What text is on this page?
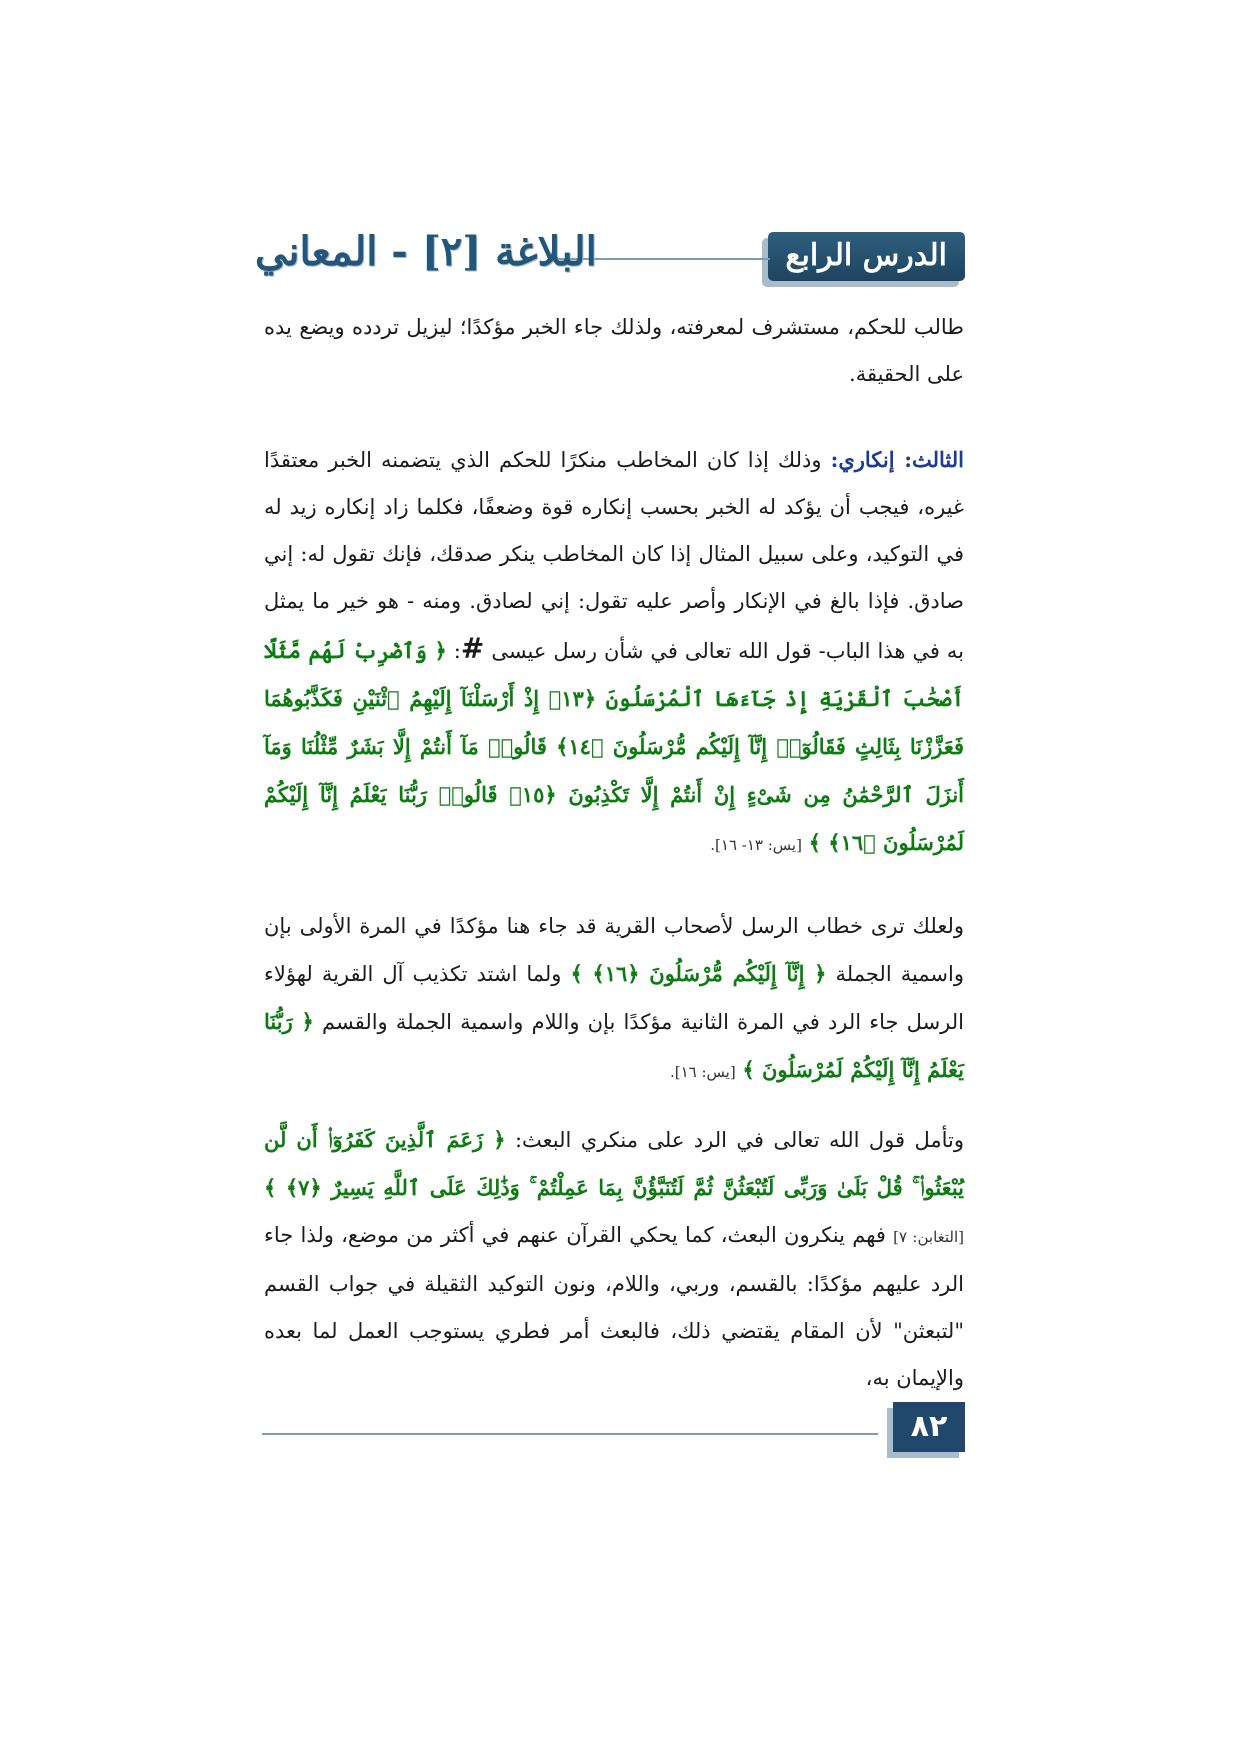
الدرس الرابع
البلاغة [٢] - المعاني

طالب للحكم، مستشرف لمعرفته، ولذلك جاء الخبر مؤكدًا؛ ليزيل تردده ويضع يده على الحقيقة.

الثالث: إنكاري: وذلك إذا كان المخاطب منكرًا للحكم الذي يتضمنه الخبر معتقدًا غيره، فيجب أن يؤكد له الخبر بحسب إنكاره قوة وضعفًا، فكلما زاد إنكاره زيد له في التوكيد، وعلى سبيل المثال إذا كان المخاطب ينكر صدقك، فإنك تقول له: إني صادق. فإذا بالغ في الإنكار وأصر عليه تقول: إني لصادق. ومنه - هو خير ما يمثل به في هذا الباب- قول الله تعالى في شأن رسل عيسى #: ﴿ وَٱضْرِبْ لَهُم مَّثَلًا أَصْحَٰبَ ٱلْقَرْيَةِ إِذْ جَآءَهَا ٱلْمُرْسَلُونَ ﴿١٣﴾ إِذْ أَرْسَلْنَآ إِلَيْهِمُ ٱثْنَيْنِ فَكَذَّبُوهُمَا فَعَزَّزْنَا بِثَالِثٍ فَقَالُوٓا۟ إِنَّآ إِلَيْكُم مُّرْسَلُونَ ﴿١٤﴾ قَالُوا۟ مَآ أَنتُمْ إِلَّا بَشَرٌ مِّثْلُنَا وَمَآ أَنزَلَ ٱلرَّحْمَٰنُ مِن شَىْءٍ إِنْ أَنتُمْ إِلَّا تَكْذِبُونَ ﴿١٥﴾ قَالُوا۟ رَبُّنَا يَعْلَمُ إِنَّآ إِلَيْكُمْ لَمُرْسَلُونَ ﴿١٦﴾ ﴾ [يس: ١٣- ١٦].

ولعلك ترى خطاب الرسل لأصحاب القرية قد جاء هنا مؤكدًا في المرة الأولى بإن واسمية الجملة ﴿ إِنَّآ إِلَيْكُم مُّرْسَلُونَ ﴿١٦﴾ ﴾ ولما اشتد تكذيب آل القرية لهؤلاء الرسل جاء الرد في المرة الثانية مؤكدًا بإن واللام واسمية الجملة والقسم ﴿ رَبُّنَا يَعْلَمُ إِنَّآ إِلَيْكُمْ لَمُرْسَلُونَ ﴾ [يس: ١٦].

وتأمل قول الله تعالى في الرد على منكري البعث: ﴿ زَعَمَ ٱلَّذِينَ كَفَرُوٓا۟ أَن لَّن يُبْعَثُوا۟ ۚ قُلْ بَلَىٰ وَرَبِّى لَتُبْعَثُنَّ ثُمَّ لَتُنَبَّؤُنَّ بِمَا عَمِلْتُمْ ۚ وَذَٰلِكَ عَلَى ٱللَّهِ يَسِيرٌ ﴿٧﴾ ﴾ [التغابن: ٧] فهم ينكرون البعث، كما يحكي القرآن عنهم في أكثر من موضع، ولذا جاء الرد عليهم مؤكدًا: بالقسم، وربي، واللام، ونون التوكيد الثقيلة في جواب القسم "لتبعثن" لأن المقام يقتضي ذلك، فالبعث أمر فطري يستوجب العمل لما بعده والإيمان به،

٨٢
